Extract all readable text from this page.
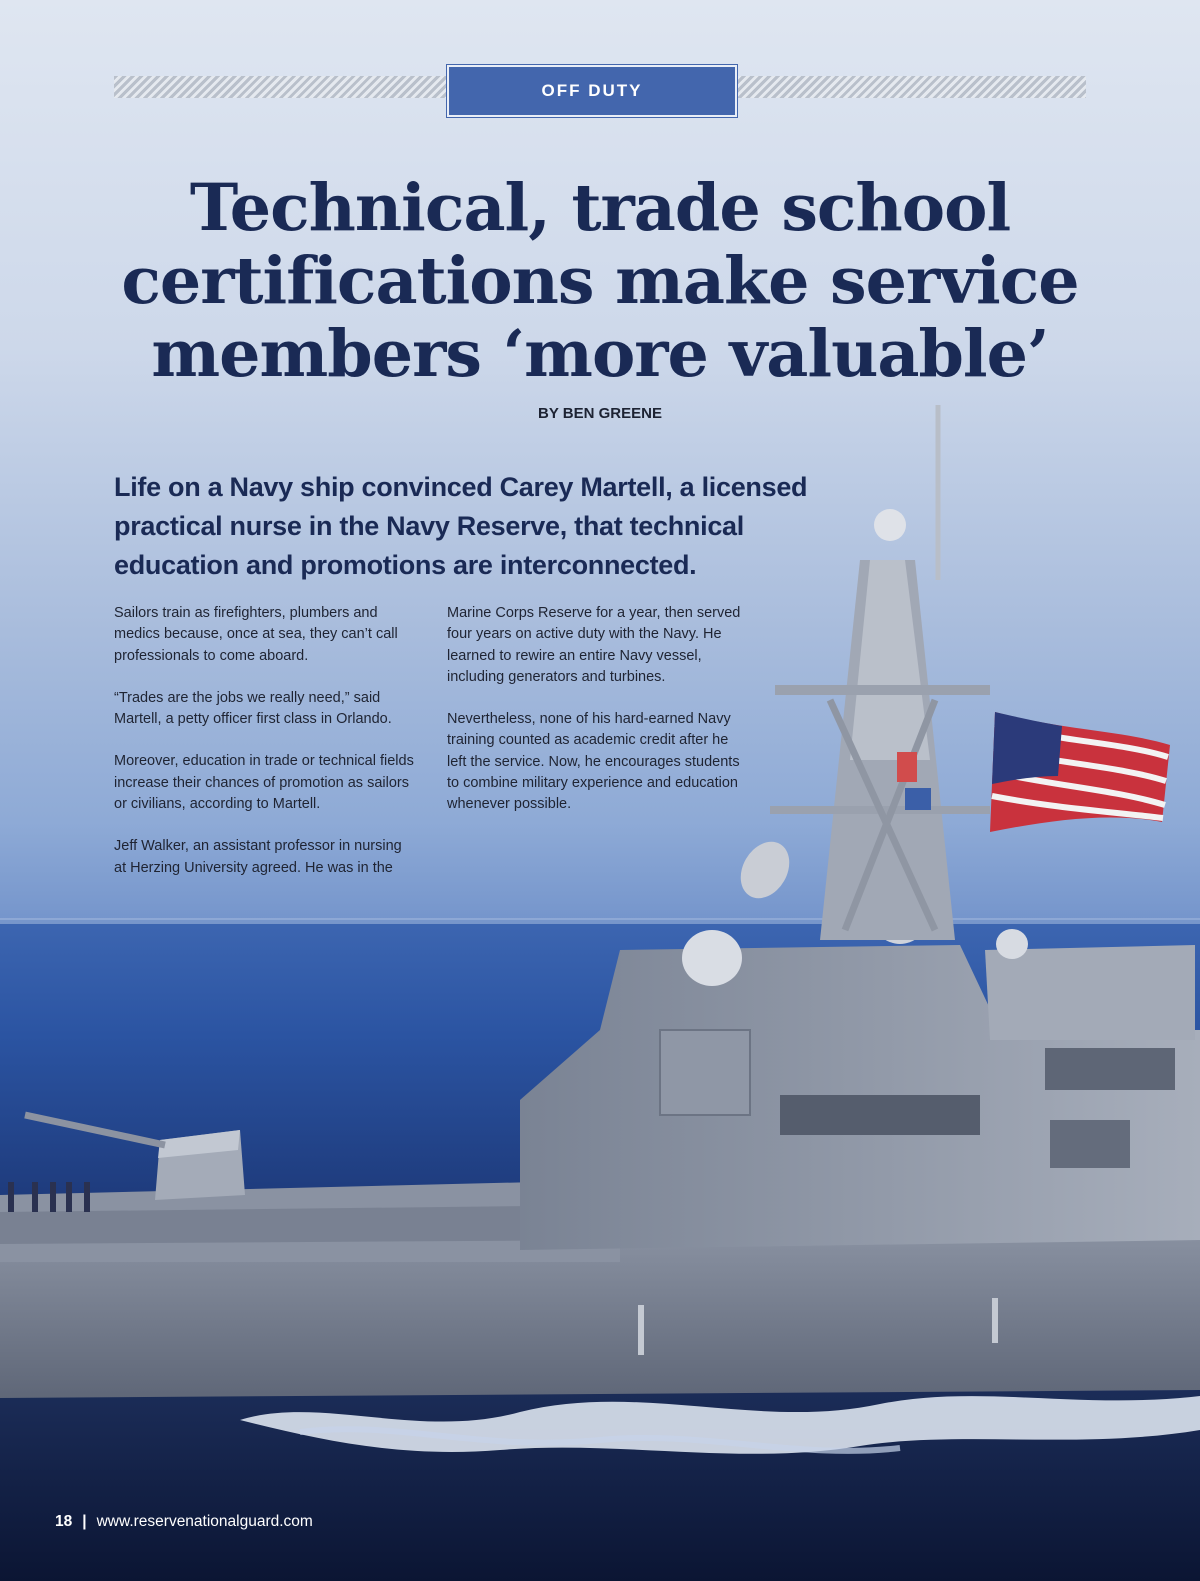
OFF DUTY
Technical, trade school
certifications make service
members ‘more valuable’
BY BEN GREENE

Life on a Navy ship convinced Carey Martell, a licensed practical nurse in the Navy Reserve, that technical education and promotions are interconnected.

Sailors train as firefighters, plumbers and medics because, once at sea, they can’t call professionals to come aboard.

“Trades are the jobs we really need,” said Martell, a petty officer first class in Orlando.

Moreover, education in trade or technical fields increase their chances of promotion as sailors or civilians, according to Martell.

Jeff Walker, an assistant professor in nursing at Herzing University agreed. He was in the

Marine Corps Reserve for a year, then served four years on active duty with the Navy. He learned to rewire an entire Navy vessel, including generators and turbines.

Nevertheless, none of his hard-earned Navy training counted as academic credit after he left the service. Now, he encourages students to combine military experience and education whenever possible.

18 | www.reservenationalguard.com
